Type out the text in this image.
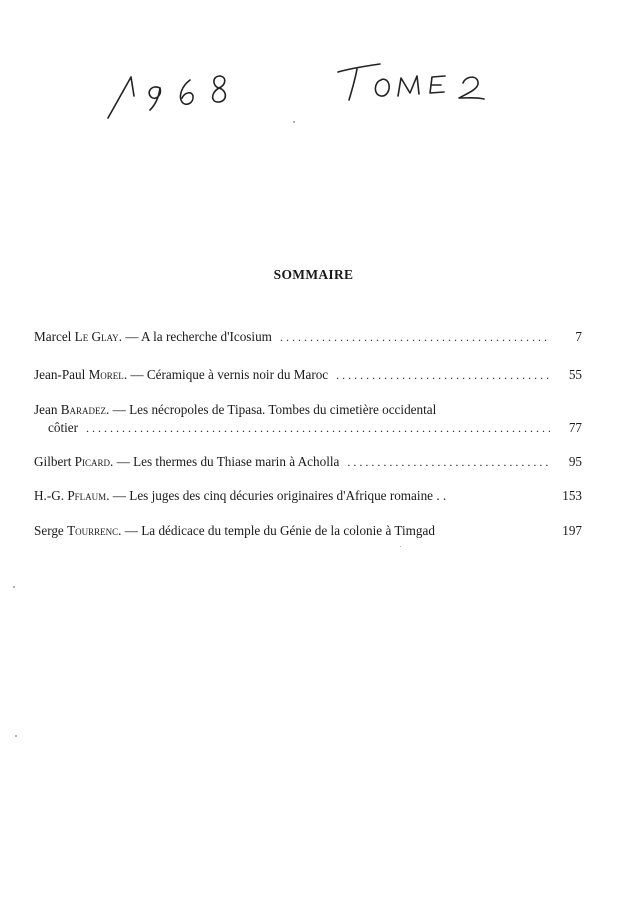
SOMMAIRE
Marcel Le Glay. — A la recherche d'Icosium . . .	7
Jean-Paul Morel. — Céramique à vernis noir du Maroc . . .	55
Jean Baradez. — Les nécropoles de Tipasa. Tombes du cimetière occidental
côtier . . .	77
Gilbert Picard. — Les thermes du Thiase marin à Acholla . . .	95
H.-G. Pflaum. — Les juges des cinq décuries originaires d'Afrique romaine . .	153
Serge Tourrenc. — La dédicace du temple du Génie de la colonie à Timgad	197
